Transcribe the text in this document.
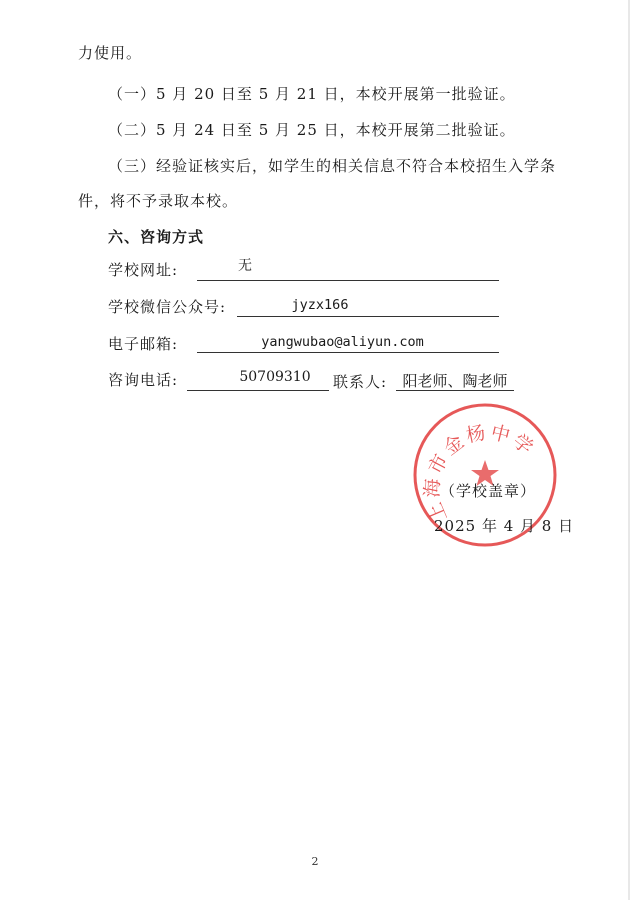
力使用。
（一）5 月 20 日至 5 月 21 日，本校开展第一批验证。
（二）5 月 24 日至 5 月 25 日，本校开展第二批验证。
（三）经验证核实后，如学生的相关信息不符合本校招生入学条
件，将不予录取本校。
六、咨询方式
学校网址:	无
学校微信公众号:	jyzx166
电子邮箱:	yangwubao@aliyun.com
咨询电话:	50709310	联系人:	阳老师、陶老师
上海市金杨中学
（学校盖章）
2025 年 4 月 8 日
2
